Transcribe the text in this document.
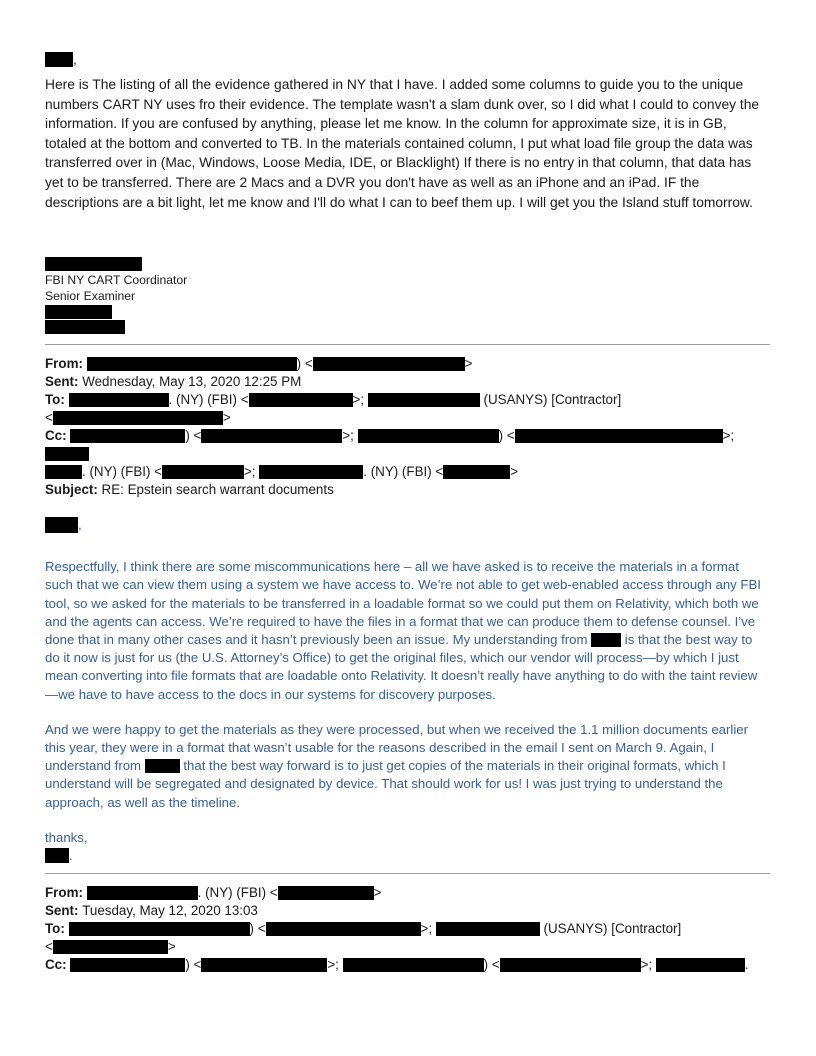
,

Here is The listing of all the evidence gathered in NY that I have. I added some columns to guide you to the unique numbers CART NY uses fro their evidence. The template wasn't a slam dunk over, so I did what I could to convey the information. If you are confused by anything, please let me know. In the column for approximate size, it is in GB, totaled at the bottom and converted to TB. In the materials contained column, I put what load file group the data was transferred over in (Mac, Windows, Loose Media, IDE, or Blacklight) If there is no entry in that column, that data has yet to be transferred. There are 2 Macs and a DVR you don't have as well as an iPhone and an iPad. IF the descriptions are a bit light, let me know and I'll do what I can to beef them up. I will get you the Island stuff tomorrow.

FBI NY CART Coordinator
Senior Examiner
From:	) <	>
Sent: Wednesday, May 13, 2020 12:25 PM
To:	. (NY) (FBI) <	>;	(USANYS) [Contractor]
<	>
Cc:	) <	>;	) <	>;
. (NY) (FBI) <	>;	. (NY) (FBI) <	>
Subject: RE: Epstein search warrant documents
,

Respectfully, I think there are some miscommunications here – all we have asked is to receive the materials in a format such that we can view them using a system we have access to. We’re not able to get web-enabled access through any FBI tool, so we asked for the materials to be transferred in a loadable format so we could put them on Relativity, which both we and the agents can access. We’re required to have the files in a format that we can produce them to defense counsel. I’ve done that in many other cases and it hasn’t previously been an issue. My understanding from  is that the best way to do it now is just for us (the U.S. Attorney’s Office) to get the original files, which our vendor will process—by which I just mean converting into file formats that are loadable onto Relativity. It doesn’t really have anything to do with the taint review—we have to have access to the docs in our systems for discovery purposes.

And we were happy to get the materials as they were processed, but when we received the 1.1 million documents earlier this year, they were in a format that wasn’t usable for the reasons described in the email I sent on March 9. Again, I understand from	that the best way forward is to just get copies of the materials in their original formats, which I understand will be segregated and designated by device. That should work for us! I was just trying to understand the approach, as well as the timeline.

thanks,
.
From:	. (NY) (FBI) <	>
Sent: Tuesday, May 12, 2020 13:03
To:	) <	>;	(USANYS) [Contractor]
<	>
Cc:	) <	>;	) <	>;	.
